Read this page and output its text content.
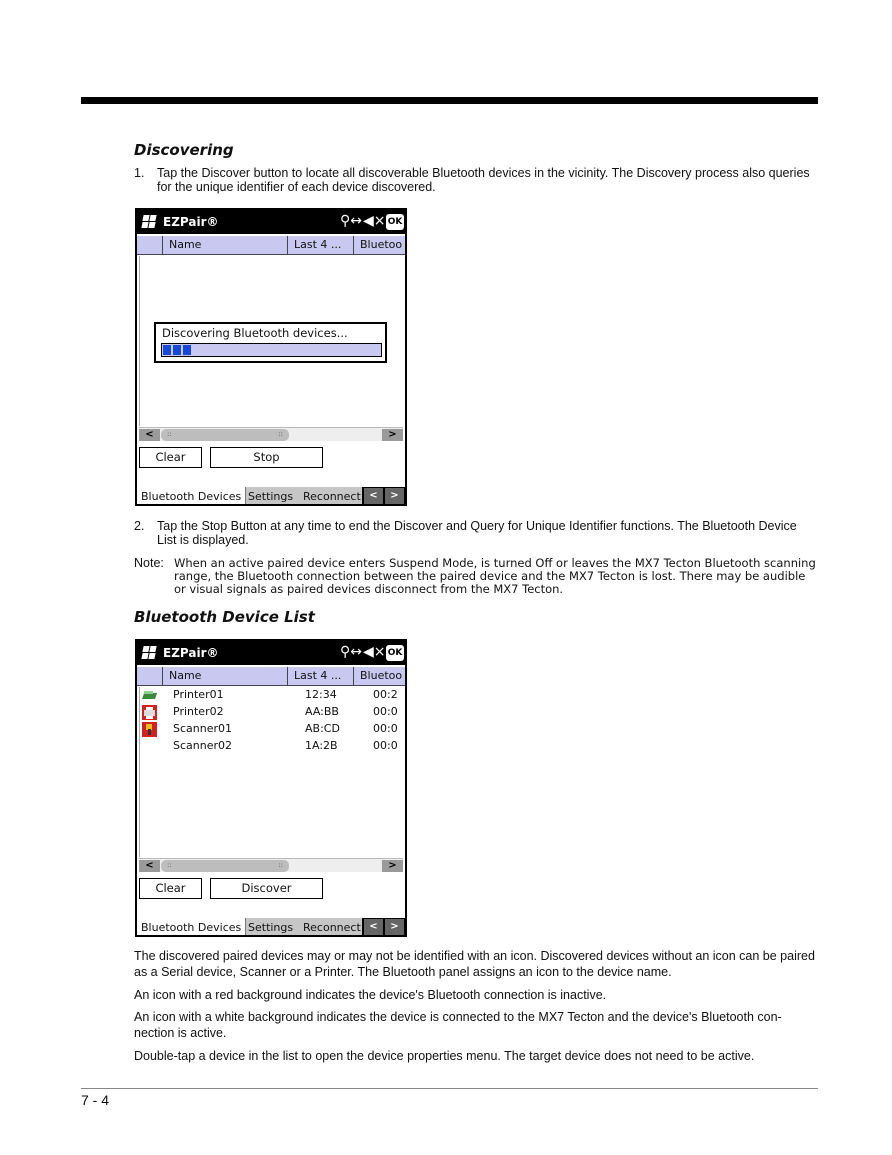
Discovering
1. Tap the Discover button to locate all discoverable Bluetooth devices in the vicinity. The Discovery process also queries for the unique identifier of each device discovered.
EZPair®	⚲↔ ◀× OK
Name	Last 4 ...	Bluetoo
Discovering Bluetooth devices...
<	::	::	>
Clear	Stop
Bluetooth Devices Settings Reconnect <	>
2. Tap the Stop Button at any time to end the Discover and Query for Unique Identifier functions. The Bluetooth Device List is displayed.
Note: When an active paired device enters Suspend Mode, is turned Off or leaves the MX7 Tecton Bluetooth scanning range, the Bluetooth connection between the paired device and the MX7 Tecton is lost. There may be audible or visual signals as paired devices disconnect from the MX7 Tecton.
Bluetooth Device List
EZPair®	⚲↔ ◀× OK
Name	Last 4 ...	Bluetoo
Printer01	12:34	00:2
Printer02	AA:BB	00:0
Scanner01	AB:CD	00:0
Scanner02	1A:2B	00:0
<	::	::	>
Clear	Discover
Bluetooth Devices Settings Reconnect <	>
The discovered paired devices may or may not be identified with an icon. Discovered devices without an icon can be paired as a Serial device, Scanner or a Printer. The Bluetooth panel assigns an icon to the device name.
An icon with a red background indicates the device's Bluetooth connection is inactive.
An icon with a white background indicates the device is connected to the MX7 Tecton and the device's Bluetooth con-nection is active.
Double-tap a device in the list to open the device properties menu. The target device does not need to be active.
7 - 4
